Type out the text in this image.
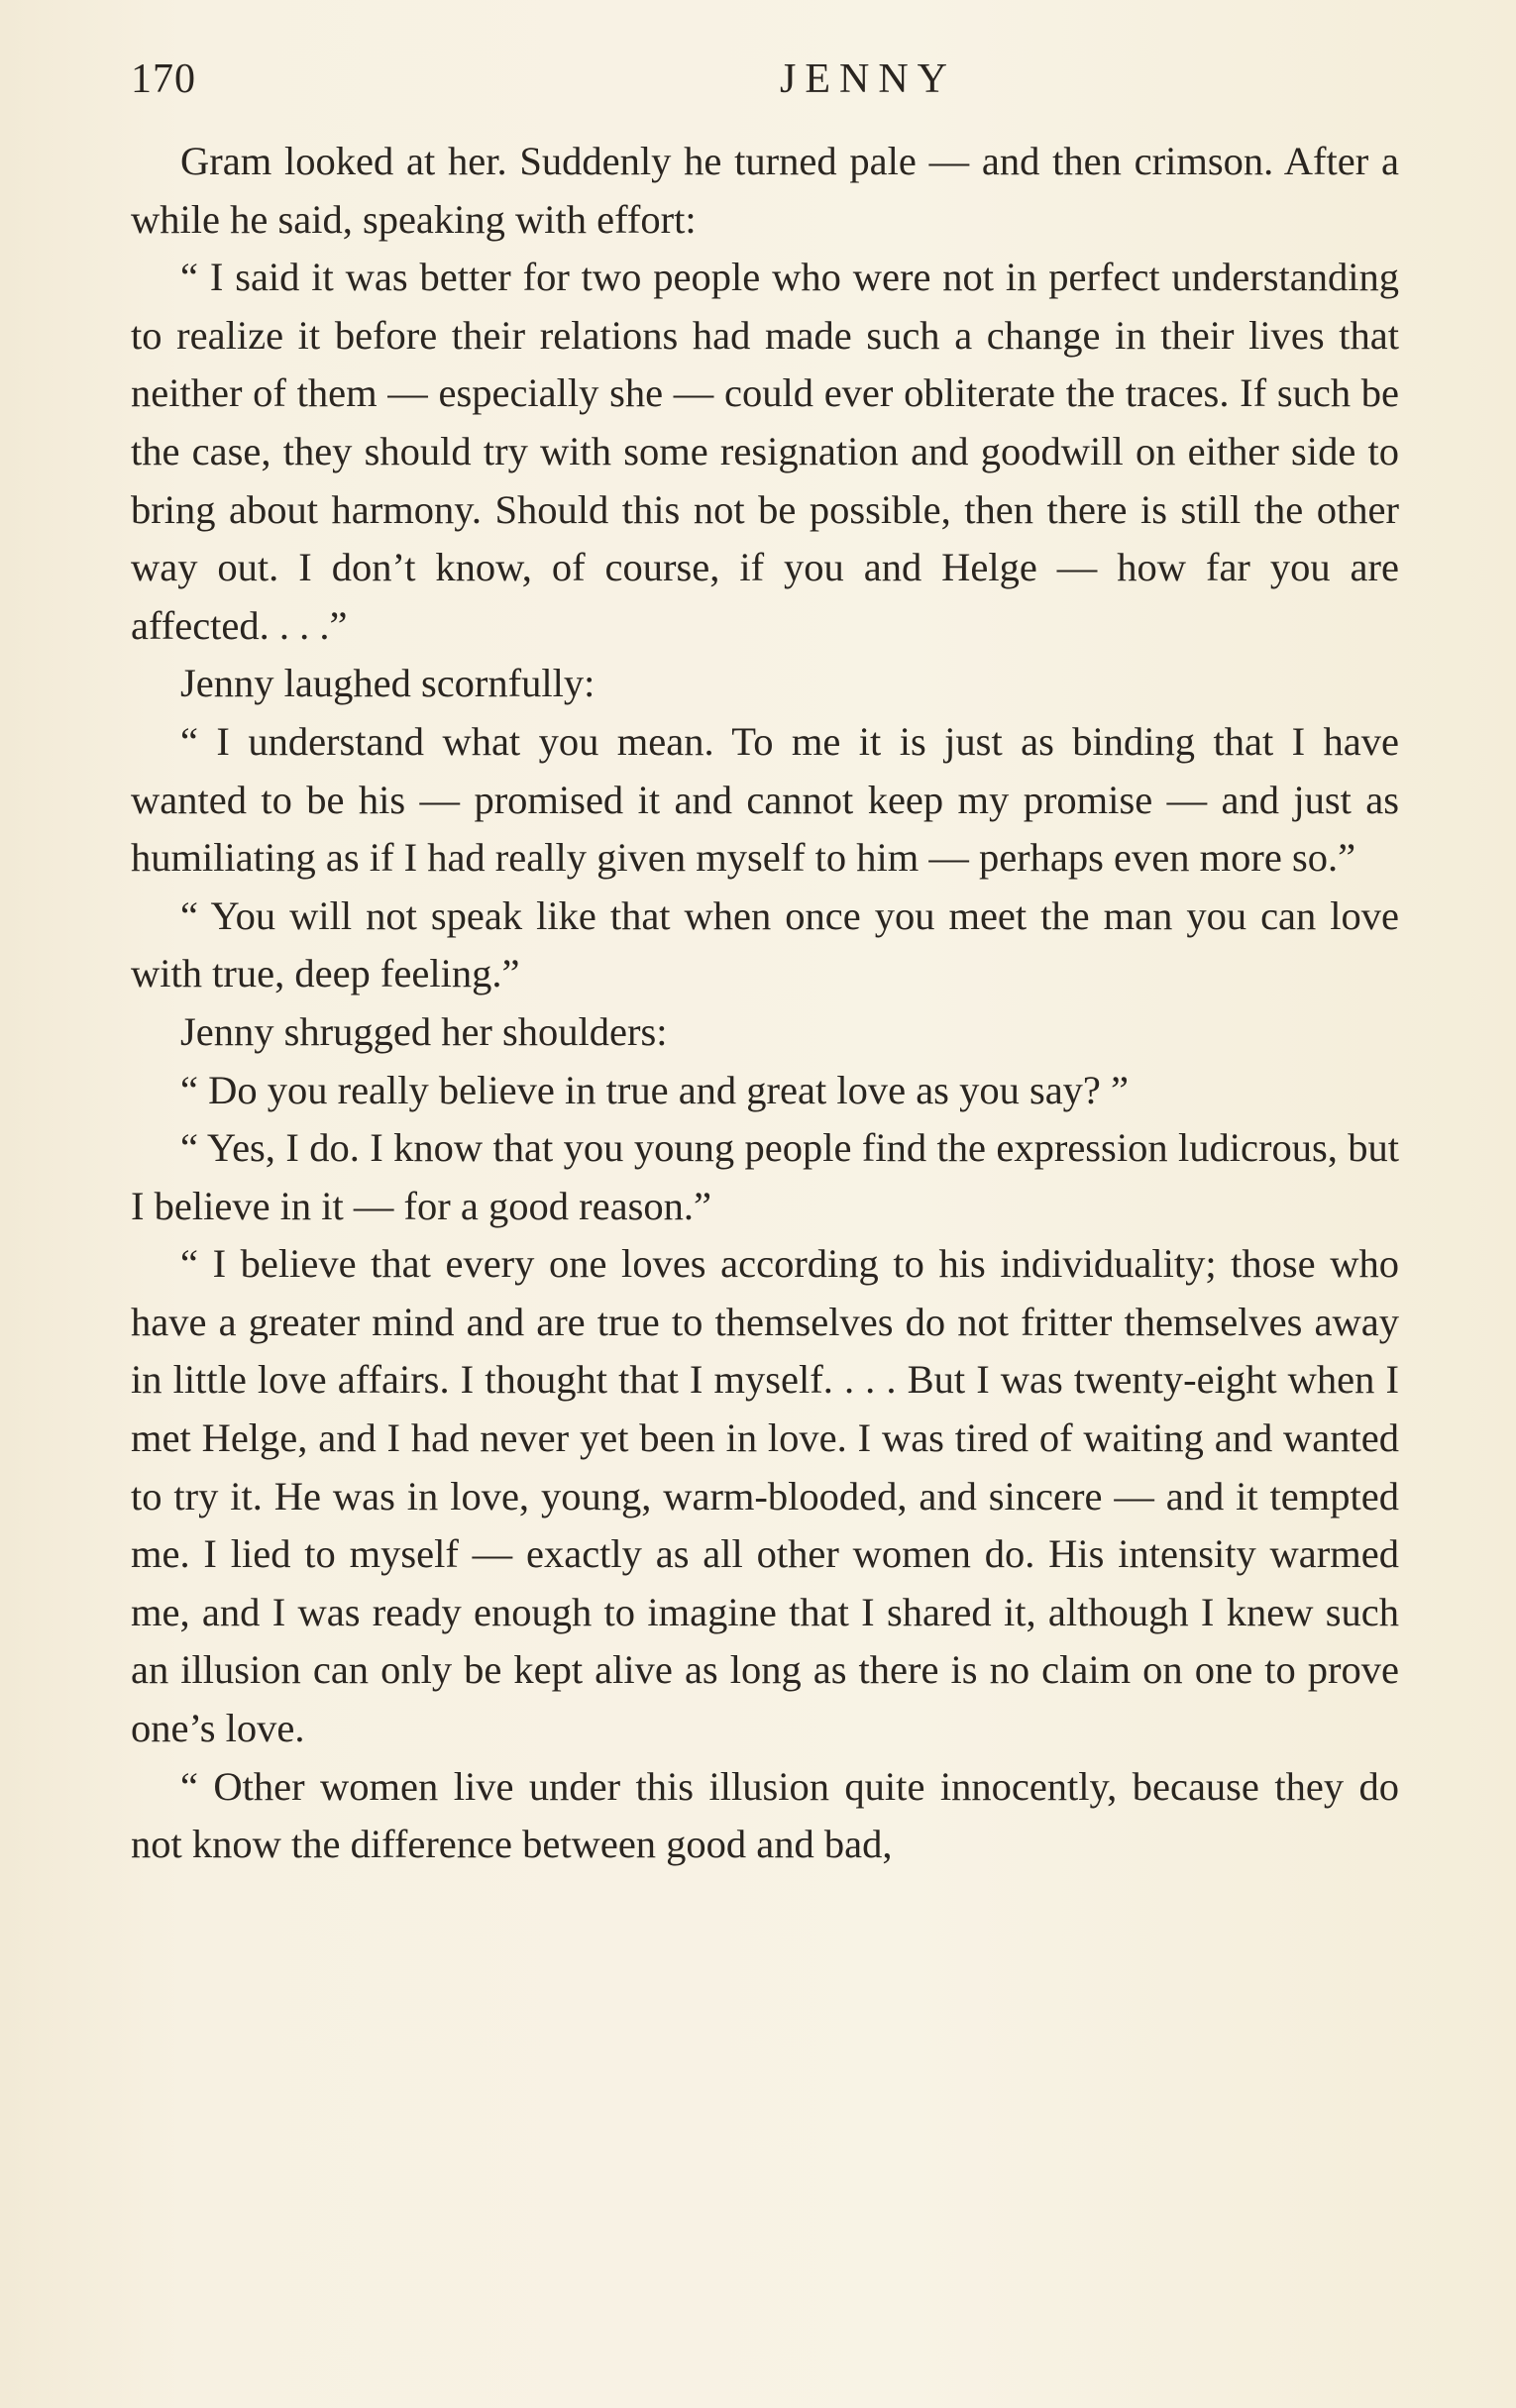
170	JENNY

Gram looked at her. Suddenly he turned pale — and then crimson. After a while he said, speaking with effort:

“ I said it was better for two people who were not in perfect understanding to realize it before their relations had made such a change in their lives that neither of them — especially she — could ever obliterate the traces. If such be the case, they should try with some resignation and goodwill on either side to bring about harmony. Should this not be possible, then there is still the other way out. I don’t know, of course, if you and Helge — how far you are affected. . . .”

Jenny laughed scornfully:

“ I understand what you mean. To me it is just as binding that I have wanted to be his — promised it and cannot keep my promise — and just as humiliating as if I had really given myself to him — perhaps even more so.”

“ You will not speak like that when once you meet the man you can love with true, deep feeling.”

Jenny shrugged her shoulders:

“ Do you really believe in true and great love as you say? ”

“ Yes, I do. I know that you young people find the expression ludicrous, but I believe in it — for a good reason.”

“ I believe that every one loves according to his individuality; those who have a greater mind and are true to themselves do not fritter themselves away in little love affairs. I thought that I myself. . . . But I was twenty-eight when I met Helge, and I had never yet been in love. I was tired of waiting and wanted to try it. He was in love, young, warm-blooded, and sincere — and it tempted me. I lied to myself — exactly as all other women do. His intensity warmed me, and I was ready enough to imagine that I shared it, although I knew such an illusion can only be kept alive as long as there is no claim on one to prove one’s love.

“ Other women live under this illusion quite innocently, because they do not know the difference between good and bad,
